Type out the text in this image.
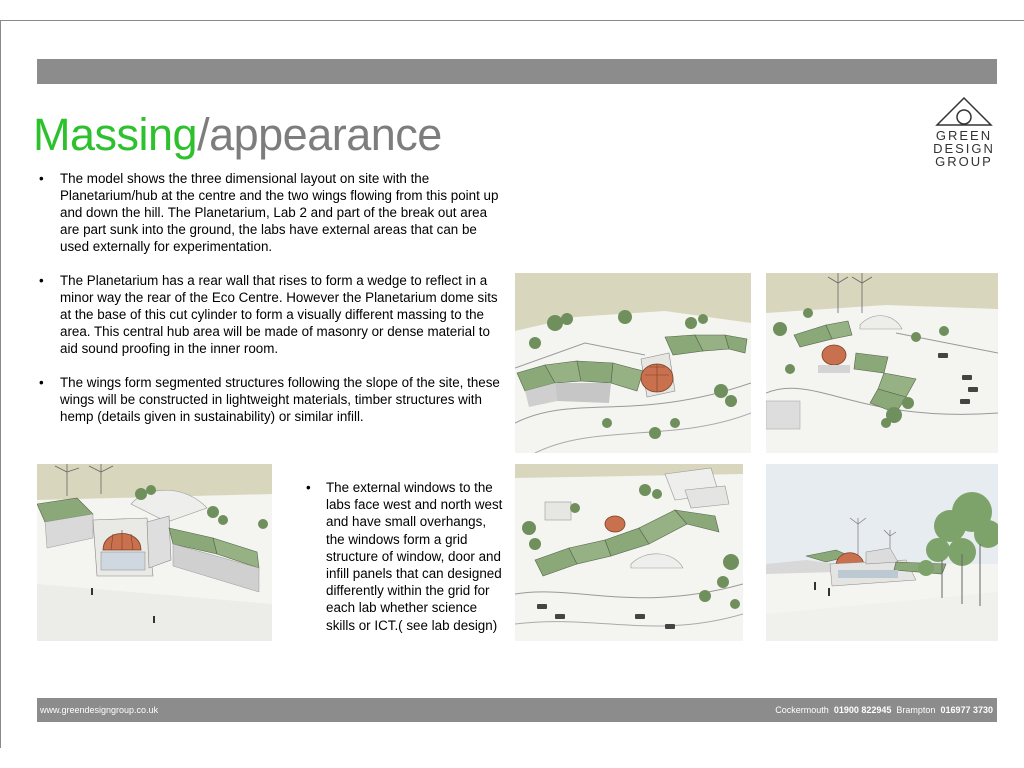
Massing/appearance	GREEN
DESIGN
GROUP
• The model shows the three dimensional layout on site with the Planetarium/hub at the centre and the two wings flowing from this point up and down the hill. The Planetarium, Lab 2 and part of the break out area are part sunk into the ground, the labs have external areas that can be used externally for experimentation.
• The Planetarium has a rear wall that rises to form a wedge to reflect in a minor way the rear of the Eco Centre. However the Planetarium dome sits at the base of this cut cylinder to form a visually different massing to the area. This central hub area will be made of masonry or dense material to aid sound proofing in the inner room.
• The wings form segmented structures following the slope of the site, these wings will be constructed in lightweight materials, timber structures with hemp (details given in sustainability) or similar infill.
• The external windows to the labs face west and north west and have small overhangs, the windows form a grid structure of window, door and infill panels that can designed differently within the grid for each lab whether science skills or ICT.( see lab design)
www.greendesigngroup.co.uk	Cockermouth 01900 822945 Brampton 016977 3730
